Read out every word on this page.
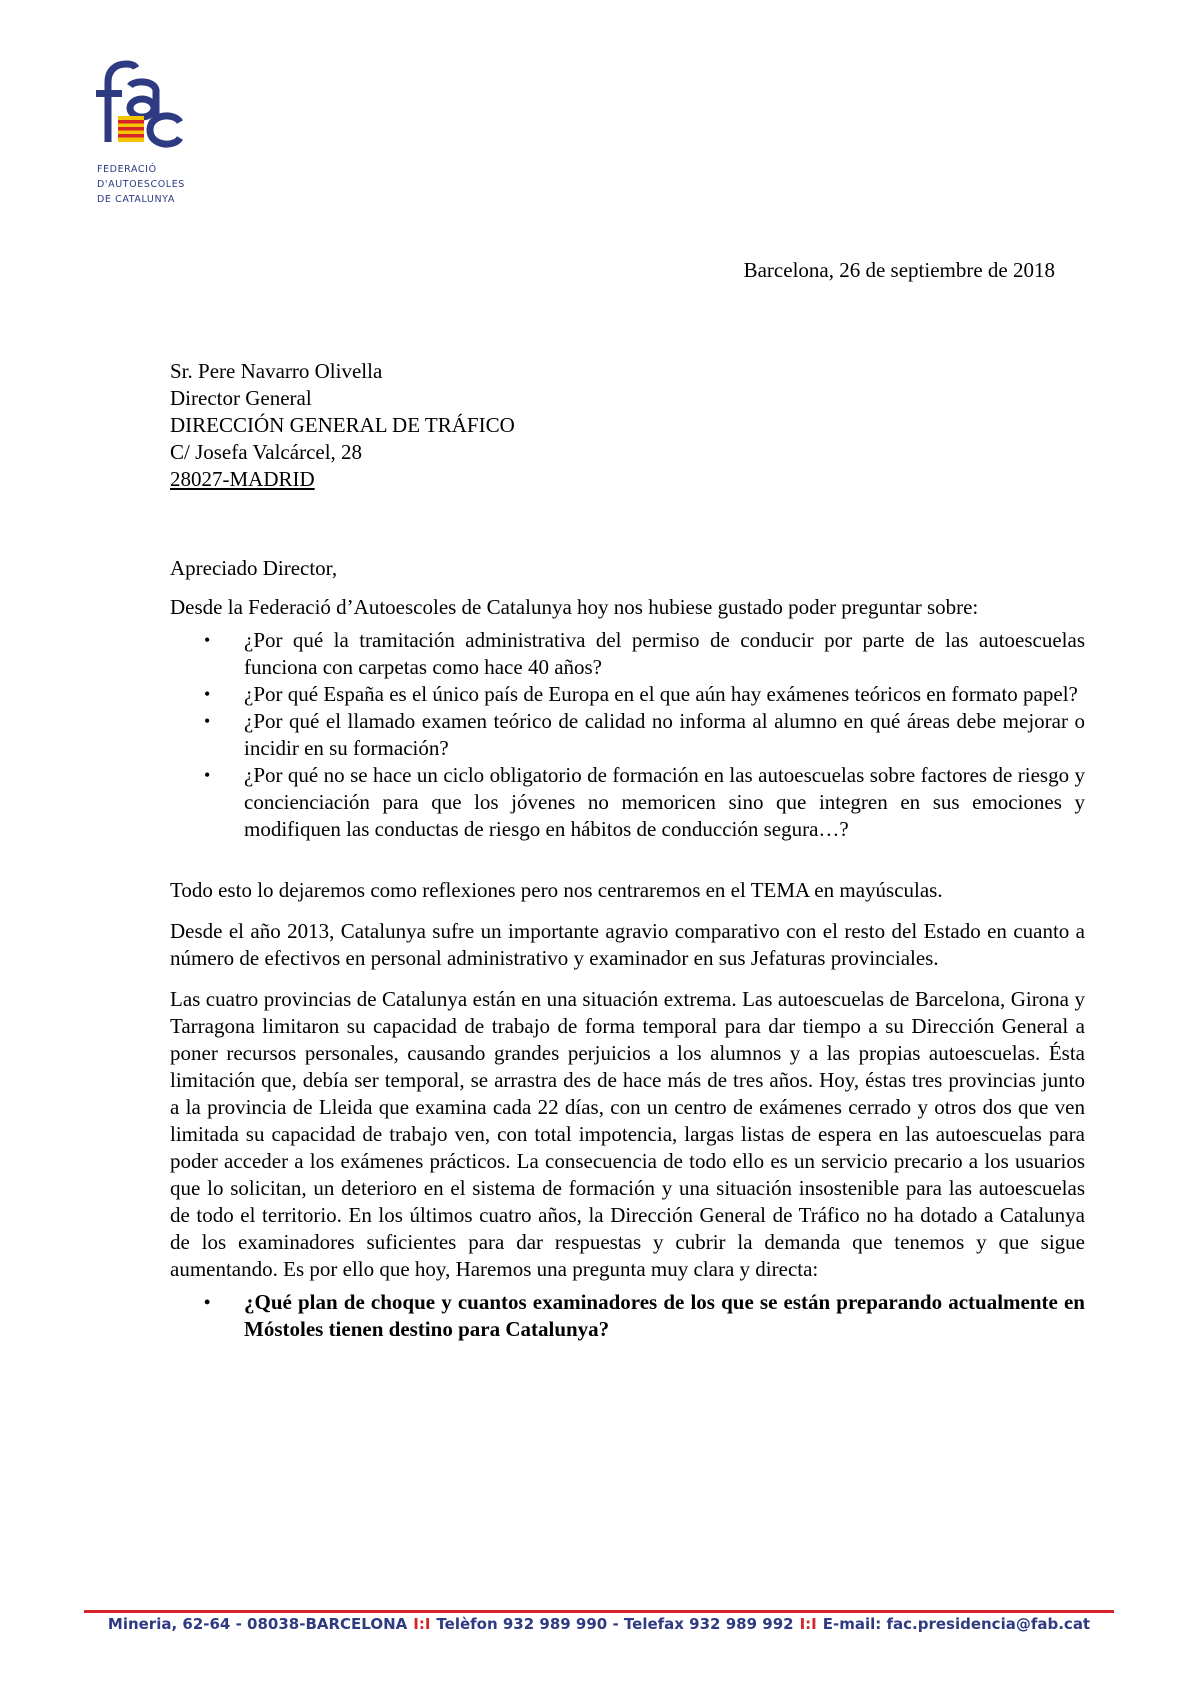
FEDERACIÓ
D'AUTOESCOLES
DE CATALUNYA
Barcelona, 26 de septiembre de 2018
Sr. Pere Navarro Olivella
Director General
DIRECCIÓN GENERAL DE TRÁFICO
C/ Josefa Valcárcel, 28
28027-MADRID
Apreciado Director,
Desde la Federació d’Autoescoles de Catalunya hoy nos hubiese gustado poder preguntar sobre:
• ¿Por qué la tramitación administrativa del permiso de conducir por parte de las autoescuelas funciona con carpetas como hace 40 años?
• ¿Por qué España es el único país de Europa en el que aún hay exámenes teóricos en formato papel?
• ¿Por qué el llamado examen teórico de calidad no informa al alumno en qué áreas debe mejorar o incidir en su formación?
• ¿Por qué no se hace un ciclo obligatorio de formación en las autoescuelas sobre factores de riesgo y concienciación para que los jóvenes no memoricen sino que integren en sus emociones y modifiquen las conductas de riesgo en hábitos de conducción segura…?
Todo esto lo dejaremos como reflexiones pero nos centraremos en el TEMA en mayúsculas.
Desde el año 2013, Catalunya sufre un importante agravio comparativo con el resto del Estado en cuanto a número de efectivos en personal administrativo y examinador en sus Jefaturas provinciales.
Las cuatro provincias de Catalunya están en una situación extrema. Las autoescuelas de Barcelona, Girona y Tarragona limitaron su capacidad de trabajo de forma temporal para dar tiempo a su Dirección General a poner recursos personales, causando grandes perjuicios a los alumnos y a las propias autoescuelas. Ésta limitación que, debía ser temporal, se arrastra des de hace más de tres años. Hoy, éstas tres provincias junto a la provincia de Lleida que examina cada 22 días, con un centro de exámenes cerrado y otros dos que ven limitada su capacidad de trabajo ven, con total impotencia, largas listas de espera en las autoescuelas para poder acceder a los exámenes prácticos. La consecuencia de todo ello es un servicio precario a los usuarios que lo solicitan, un deterioro en el sistema de formación y una situación insostenible para las autoescuelas de todo el territorio. En los últimos cuatro años, la Dirección General de Tráfico no ha dotado a Catalunya de los examinadores suficientes para dar respuestas y cubrir la demanda que tenemos y que sigue aumentando. Es por ello que hoy, Haremos una pregunta muy clara y directa:
• ¿Qué plan de choque y cuantos examinadores de los que se están preparando actualmente en Móstoles tienen destino para Catalunya?
Mineria, 62-64 - 08038-BARCELONA I:I Telèfon 932 989 990 - Telefax 932 989 992 I:I E-mail: fac.presidencia@fab.cat
